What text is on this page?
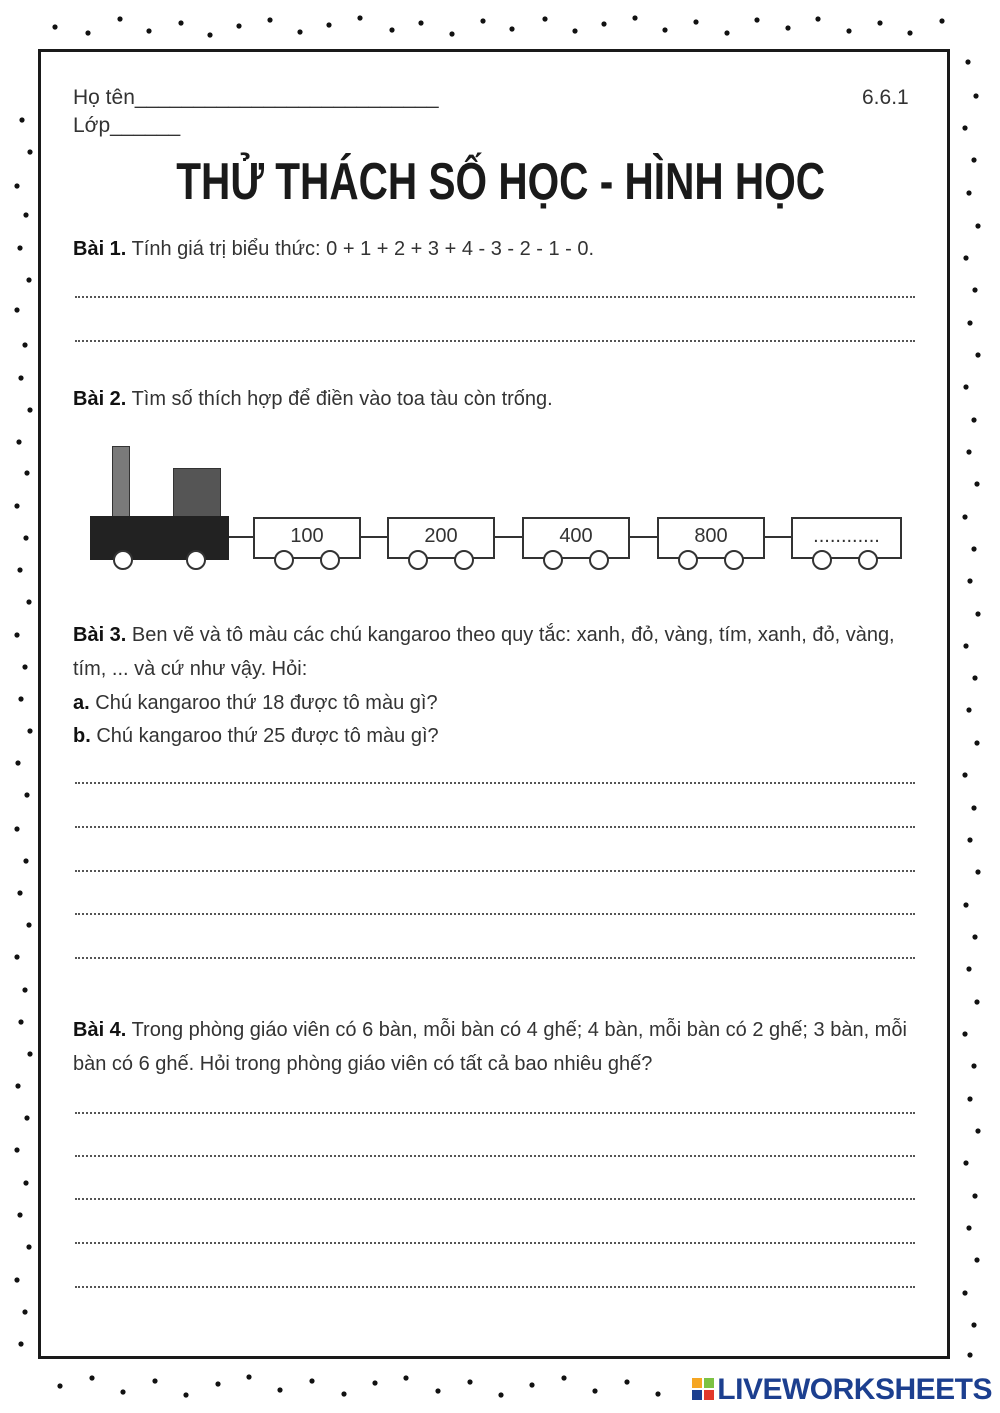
Họ tên__________________________
Lớp______
6.6.1
THỬ THÁCH SỐ HỌC - HÌNH HỌC
Bài 1. Tính giá trị biểu thức: 0 + 1 + 2 + 3 + 4 - 3 - 2 - 1 - 0.
Bài 2. Tìm số thích hợp để điền vào toa tàu còn trống.
100	200	400	800	............
Bài 3. Ben vẽ và tô màu các chú kangaroo theo quy tắc: xanh, đỏ, vàng, tím, xanh, đỏ, vàng, tím, ... và cứ như vậy. Hỏi:
a. Chú kangaroo thứ 18 được tô màu gì?
b. Chú kangaroo thứ 25 được tô màu gì?
Bài 4. Trong phòng giáo viên có 6 bàn, mỗi bàn có 4 ghế; 4 bàn, mỗi bàn có 2 ghế; 3 bàn, mỗi bàn có 6 ghế. Hỏi trong phòng giáo viên có tất cả bao nhiêu ghế?
LIVEWORKSHEETS
